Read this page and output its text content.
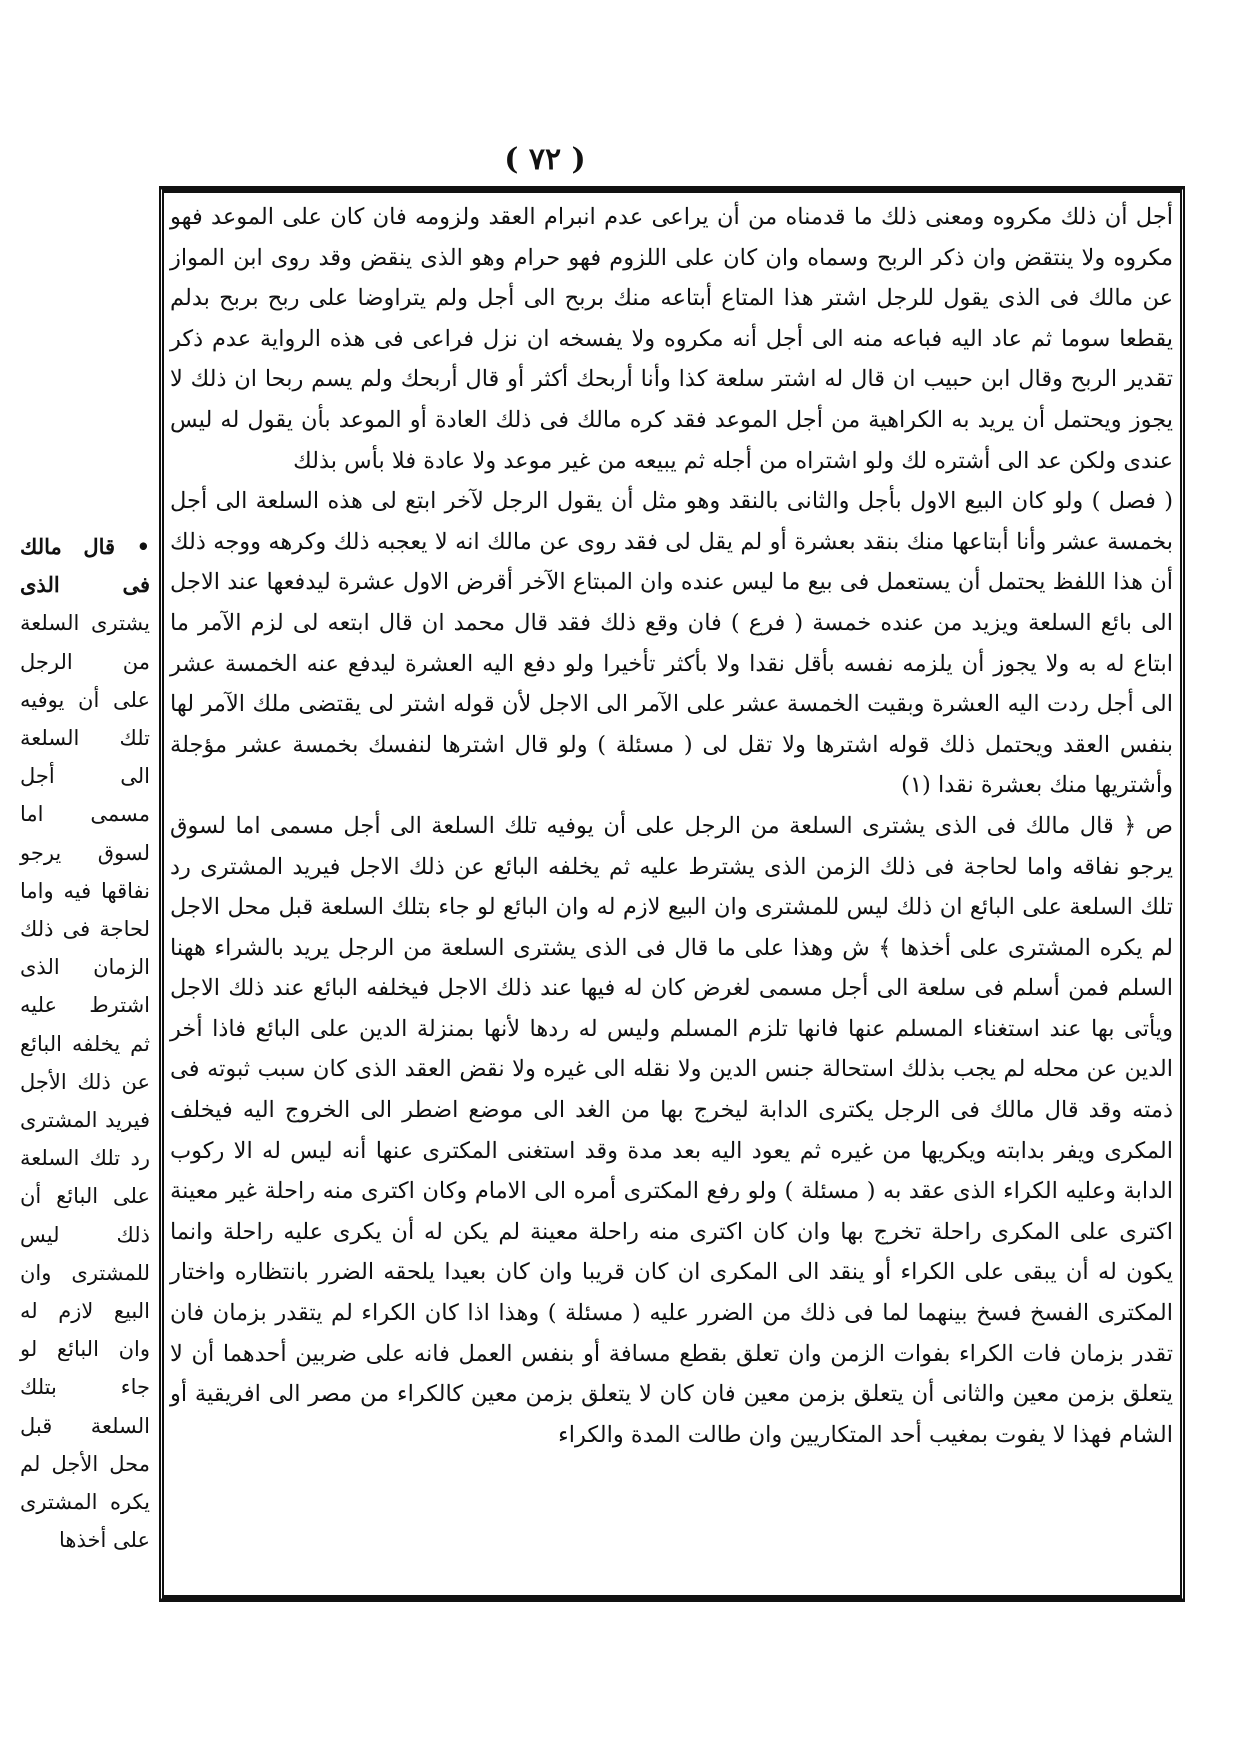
( ٧٢ )

أجل أن ذلك مكروه ومعنى ذلك ما قدمناه من أن يراعى عدم انبرام العقد ولزومه فان كان على الموعد فهو مكروه ولا ينتقض وان ذكر الربح وسماه وان كان على اللزوم فهو حرام وهو الذى ينقض وقد روى ابن المواز عن مالك فى الذى يقول للرجل اشتر هذا المتاع أبتاعه منك بربح الى أجل ولم يتراوضا على ربح بربح بدلم يقطعا سوما ثم عاد اليه فباعه منه الى أجل أنه مكروه ولا يفسخه ان نزل فراعى فى هذه الرواية عدم ذكر تقدير الربح وقال ابن حبيب ان قال له اشتر سلعة كذا وأنا أربحك أكثر أو قال أربحك ولم يسم ربحا ان ذلك لا يجوز ويحتمل أن يريد به الكراهية من أجل الموعد فقد كره مالك فى ذلك العادة أو الموعد بأن يقول له ليس عندى ولكن عد الى أشتره لك ولو اشتراه من أجله ثم يبيعه من غير موعد ولا عادة فلا بأس بذلك

( فصل ) ولو كان البيع الاول بأجل والثانى بالنقد وهو مثل أن يقول الرجل لآخر ابتع لى هذه السلعة الى أجل بخمسة عشر وأنا أبتاعها منك بنقد بعشرة أو لم يقل لى فقد روى عن مالك انه لا يعجبه ذلك وكرهه ووجه ذلك أن هذا اللفظ يحتمل أن يستعمل فى بيع ما ليس عنده وان المبتاع الآخر أقرض الاول عشرة ليدفعها عند الاجل الى بائع السلعة ويزيد من عنده خمسة ( فرع ) فان وقع ذلك فقد قال محمد ان قال ابتعه لى لزم الآمر ما ابتاع له به ولا يجوز أن يلزمه نفسه بأقل نقدا ولا بأكثر تأخيرا ولو دفع اليه العشرة ليدفع عنه الخمسة عشر الى أجل ردت اليه العشرة وبقيت الخمسة عشر على الآمر الى الاجل لأن قوله اشتر لى يقتضى ملك الآمر لها بنفس العقد ويحتمل ذلك قوله اشترها ولا تقل لى ( مسئلة ) ولو قال اشترها لنفسك بخمسة عشر مؤجلة وأشتريها منك بعشرة نقدا (١)

ص ﴿ قال مالك فى الذى يشترى السلعة من الرجل على أن يوفيه تلك السلعة الى أجل مسمى اما لسوق يرجو نفاقه واما لحاجة فى ذلك الزمن الذى يشترط عليه ثم يخلفه البائع عن ذلك الاجل فيريد المشترى رد تلك السلعة على البائع ان ذلك ليس للمشترى وان البيع لازم له وان البائع لو جاء بتلك السلعة قبل محل الاجل لم يكره المشترى على أخذها ﴾ ش وهذا على ما قال فى الذى يشترى السلعة من الرجل يريد بالشراء ههنا السلم فمن أسلم فى سلعة الى أجل مسمى لغرض كان له فيها عند ذلك الاجل فيخلفه البائع عند ذلك الاجل ويأتى بها عند استغناء المسلم عنها فانها تلزم المسلم وليس له ردها لأنها بمنزلة الدين على البائع فاذا أخر الدين عن محله لم يجب بذلك استحالة جنس الدين ولا نقله الى غيره ولا نقض العقد الذى كان سبب ثبوته فى ذمته وقد قال مالك فى الرجل يكترى الدابة ليخرج بها من الغد الى موضع اضطر الى الخروج اليه فيخلف المكرى ويفر بدابته ويكريها من غيره ثم يعود اليه بعد مدة وقد استغنى المكترى عنها أنه ليس له الا ركوب الدابة وعليه الكراء الذى عقد به ( مسئلة ) ولو رفع المكترى أمره الى الامام وكان اكترى منه راحلة غير معينة اكترى على المكرى راحلة تخرج بها وان كان اكترى منه راحلة معينة لم يكن له أن يكرى عليه راحلة وانما يكون له أن يبقى على الكراء أو ينقد الى المكرى ان كان قريبا وان كان بعيدا يلحقه الضرر بانتظاره واختار المكترى الفسخ فسخ بينهما لما فى ذلك من الضرر عليه ( مسئلة ) وهذا اذا كان الكراء لم يتقدر بزمان فان تقدر بزمان فات الكراء بفوات الزمن وان تعلق بقطع مسافة أو بنفس العمل فانه على ضربين أحدهما أن لا يتعلق بزمن معين والثانى أن يتعلق بزمن معين فان كان لا يتعلق بزمن معين كالكراء من مصر الى افريقية أو الشام فهذا لا يفوت بمغيب أحد المتكاريين وان طالت المدة والكراء

• قال مالك فى الذى يشترى السلعة من الرجل على أن يوفيه تلك السلعة الى أجل مسمى اما لسوق يرجو نفاقها فيه واما لحاجة فى ذلك الزمان الذى اشترط عليه ثم يخلفه البائع عن ذلك الأجل فيريد المشترى رد تلك السلعة على البائع أن ذلك ليس للمشترى وان البيع لازم له وان البائع لو جاء بتلك السلعة قبل محل الأجل لم يكره المشترى على أخذها
